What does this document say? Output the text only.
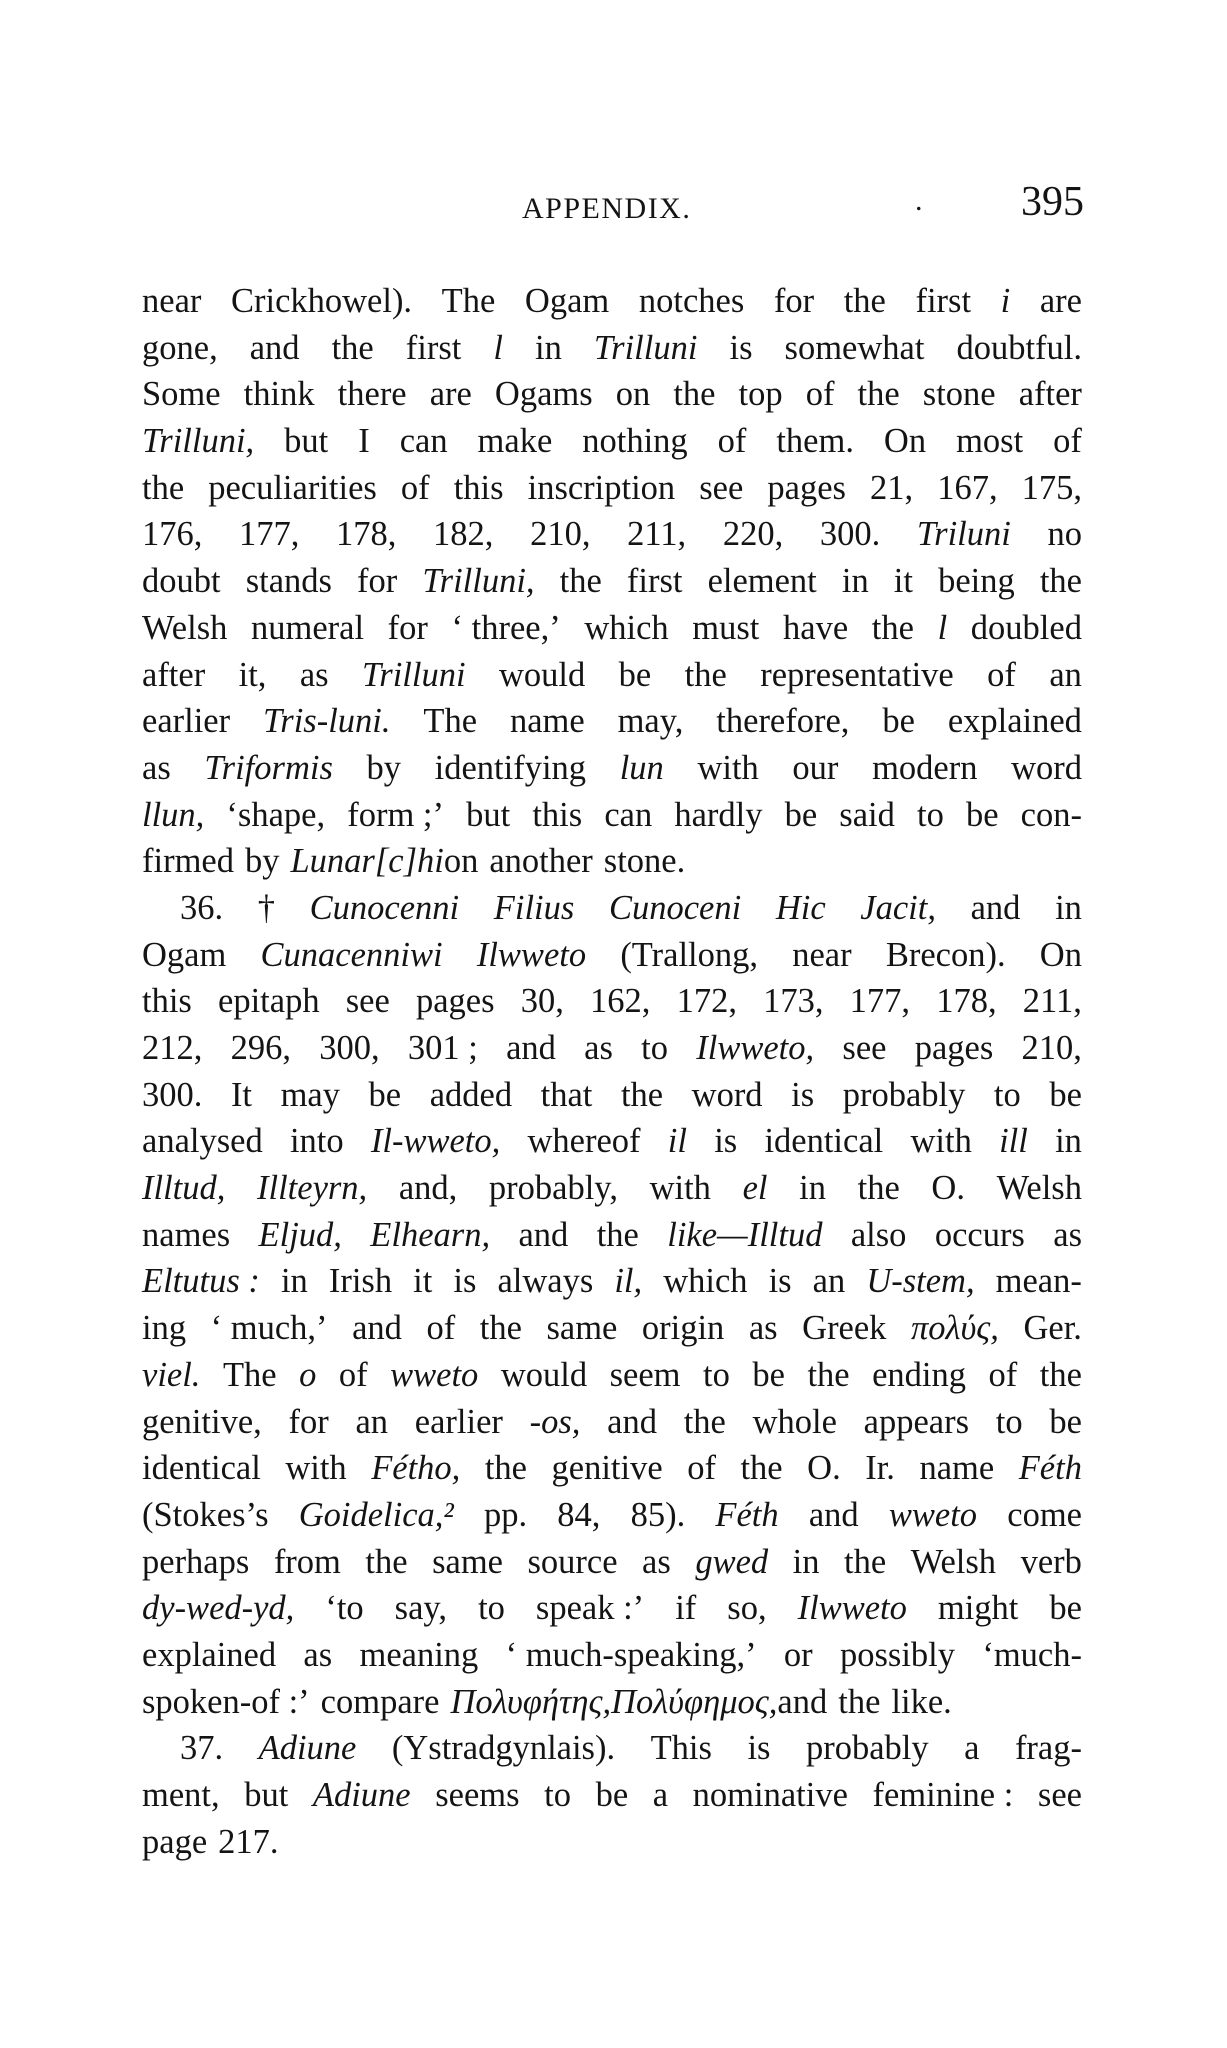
APPENDIX.	. 395
near Crickhowel). The Ogam notches for the first i are
gone, and the first l in Trilluni is somewhat doubtful.
Some think there are Ogams on the top of the stone after
Trilluni, but I can make nothing of them. On most of
the peculiarities of this inscription see pages 21, 167, 175,
176, 177, 178, 182, 210, 211, 220, 300. Triluni no
doubt stands for Trilluni, the first element in it being the
Welsh numeral for ‘ three,’ which must have the l doubled
after it, as Trilluni would be the representative of an
earlier Tris-luni. The name may, therefore, be explained
as Triformis by identifying lun with our modern word
llun, ‘shape, form ;’ but this can hardly be said to be con-
firmed by Lunar[c]hi on another stone.
36. † Cunocenni Filius Cunoceni Hic Jacit, and in
Ogam Cunacenniwi Ilwweto (Trallong, near Brecon). On
this epitaph see pages 30, 162, 172, 173, 177, 178, 211,
212, 296, 300, 301 ; and as to Ilwweto, see pages 210,
300. It may be added that the word is probably to be
analysed into Il-wweto, whereof il is identical with ill in
Illtud, Illteyrn, and, probably, with el in the O. Welsh
names Eljud, Elhearn, and the like—Illtud also occurs as
Eltutus : in Irish it is always il, which is an U-stem, mean-
ing ‘ much,’ and of the same origin as Greek πολύς, Ger.
viel. The o of wweto would seem to be the ending of the
genitive, for an earlier -os, and the whole appears to be
identical with Fétho, the genitive of the O. Ir. name Féth
(Stokes’s Goidelica,² pp. 84, 85). Féth and wweto come
perhaps from the same source as gwed in the Welsh verb
dy-wed-yd, ‘to say, to speak :’ if so, Ilwweto might be
explained as meaning ‘ much-speaking,’ or possibly ‘much-
spoken-of :’ compare Πολυφήτης, Πολύφημος, and the like.
37. Adiune (Ystradgynlais). This is probably a frag-
ment, but Adiune seems to be a nominative feminine : see
page 217.
